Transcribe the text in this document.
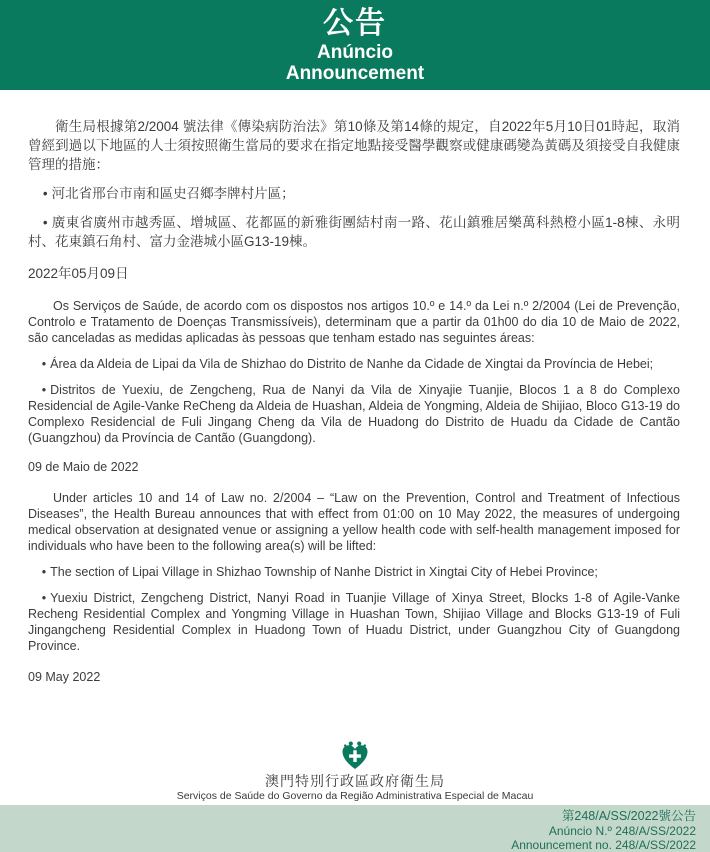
公告
Anúncio
Announcement

衛生局根據第2/2004 號法律《傳染病防治法》第10條及第14條的規定，自2022年5月10日01時起，取消曾經到過以下地區的人士須按照衛生當局的要求在指定地點接受醫學觀察或健康碼變為黃碼及須接受自我健康管理的措施：

• 河北省邢台市南和區史召鄉李牌村片區；

• 廣東省廣州市越秀區、增城區、花都區的新雅街團結村南一路、花山鎮雅居樂萬科熱橙小區1-8棟、永明村、花東鎮石角村、富力金港城小區G13-19棟。

2022年05月09日

Os Serviços de Saúde, de acordo com os dispostos nos artigos 10.º e 14.º da Lei n.º 2/2004 (Lei de Prevenção, Controlo e Tratamento de Doenças Transmissíveis), determinam que a partir da 01h00 do dia 10 de Maio de 2022, são canceladas as medidas aplicadas às pessoas que tenham estado nas seguintes áreas:

• Área da Aldeia de Lipai da Vila de Shizhao do Distrito de Nanhe da Cidade de Xingtai da Província de Hebei;

• Distritos de Yuexiu, de Zengcheng, Rua de Nanyi da Vila de Xinyajie Tuanjie, Blocos 1 a 8 do Complexo Residencial de Agile-Vanke ReCheng da Aldeia de Huashan, Aldeia de Yongming, Aldeia de Shijiao, Bloco G13-19 do Complexo Residencial de Fuli Jingang Cheng da Vila de Huadong do Distrito de Huadu da Cidade de Cantão (Guangzhou) da Província de Cantão (Guangdong).

09 de Maio de 2022

Under articles 10 and 14 of Law no. 2/2004 – “Law on the Prevention, Control and Treatment of Infectious Diseases”, the Health Bureau announces that with effect from 01:00 on 10 May 2022, the measures of undergoing medical observation at designated venue or assigning a yellow health code with self-health management imposed for individuals who have been to the following area(s) will be lifted:

• The section of Lipai Village in Shizhao Township of Nanhe District in Xingtai City of Hebei Province;

• Yuexiu District, Zengcheng District, Nanyi Road in Tuanjie Village of Xinya Street, Blocks 1-8 of Agile-Vanke Recheng Residential Complex and Yongming Village in Huashan Town, Shijiao Village and Blocks G13-19 of Fuli Jingangcheng Residential Complex in Huadong Town of Huadu District, under Guangzhou City of Guangdong Province.

09 May 2022

澳門特別行政區政府衛生局
Serviços de Saúde do Governo da Região Administrativa Especial de Macau
第248/A/SS/2022號公告
Anúncio N.º 248/A/SS/2022
Announcement no. 248/A/SS/2022
